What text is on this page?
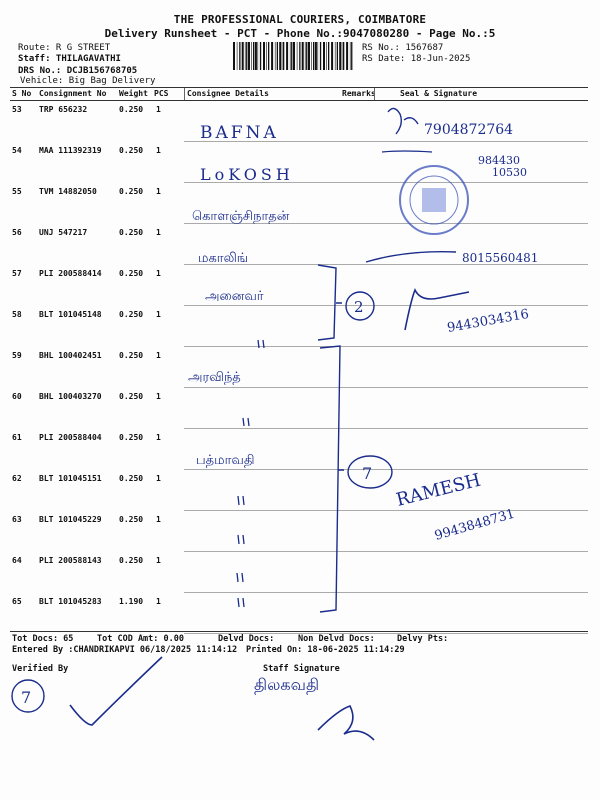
THE PROFESSIONAL COURIERS, COIMBATORE
Delivery Runsheet - PCT - Phone No.:9047080280 - Page No.:5
Route: R G STREET
Staff: THILAGAVATHI
DRS No.: DCJB156768705
Vehicle: Big Bag Delivery
RS No.: 1567687
RS Date: 18-Jun-2025
S No Consignment No Weight PCS Consignee Details	Remarks	Seal & Signature
53 TRP 656232	0.250 1
54 MAA 111392319 0.250 1
55 TVM 14882050	0.250 1
56 UNJ 547217	0.250 1
57 PLI 200588414 0.250 1
58 BLT 101045148 0.250 1
59 BHL 100402451 0.250 1
60 BHL 100403270 0.250 1
61 PLI 200588404 0.250 1
62 BLT 101045151 0.250 1
63 BLT 101045229 0.250 1
64 PLI 200588143 0.250 1
65 BLT 101045283 1.190 1
Tot Docs: 65	Tot COD Amt: 0.00	Delvd Docs:	Non Delvd Docs:	Delvy Pts:
Entered By :CHANDRIKAPVI 06/18/2025 11:14:12 Printed On: 18-06-2025 11:14:29
Verified By	Staff Signature
BAFNA
LoKOSH
கொளஞ்சிநாதன்
மகாலிங்
அனைவர்
அரவிந்த்
பத்மாவதி
2
7
7904872764
984430
10530
8015560481
9443034316
RAMESH
9943848731
7
திலகவதி
